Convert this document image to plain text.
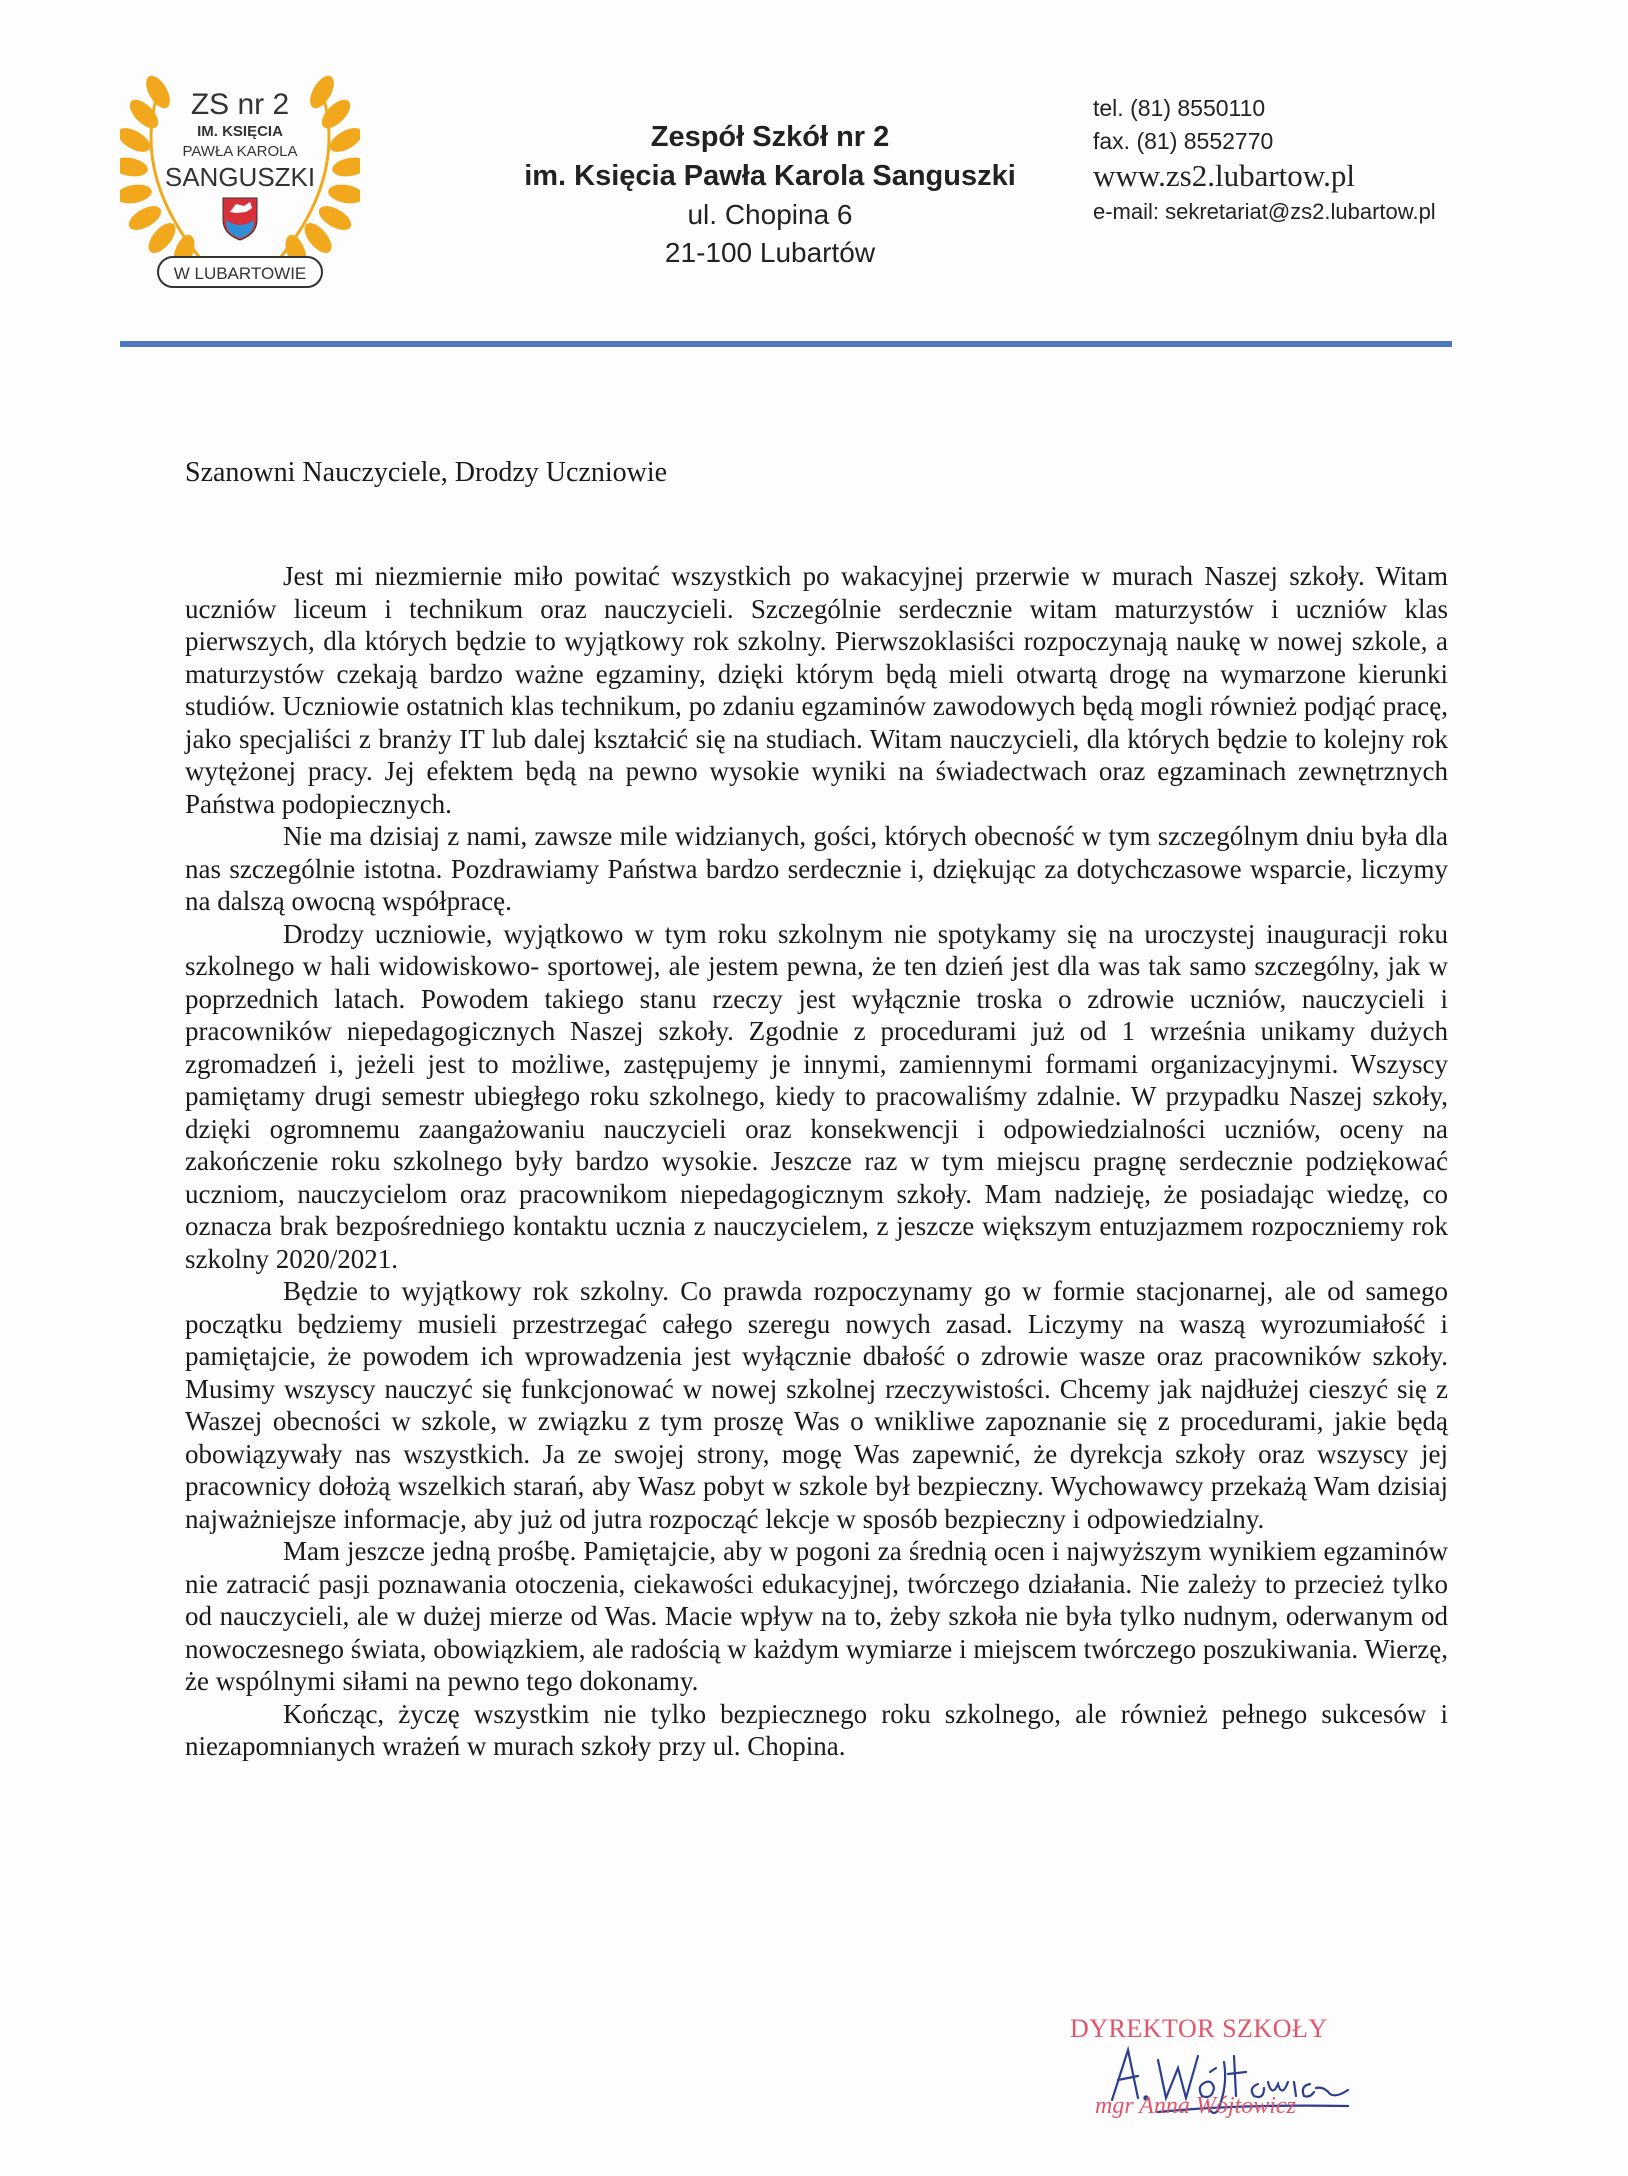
ZS nr 2
IM. KSIĘCIA
PAWŁA KAROLA
SANGUSZKI
W LUBARTOWIE
Zespół Szkół nr 2
im. Księcia Pawła Karola Sanguszki
ul. Chopina 6
21-100 Lubartów
tel. (81) 8550110
fax. (81) 8552770
www.zs2.lubartow.pl
e-mail: sekretariat@zs2.lubartow.pl
Szanowni Nauczyciele, Drodzy Uczniowie

Jest mi niezmiernie miło powitać wszystkich po wakacyjnej przerwie w murach Naszej szkoły. Witam uczniów liceum i technikum oraz nauczycieli. Szczególnie serdecznie witam maturzystów i uczniów klas pierwszych, dla których będzie to wyjątkowy rok szkolny. Pierwszoklasiści rozpoczynają naukę w nowej szkole, a maturzystów czekają bardzo ważne egzaminy, dzięki którym będą mieli otwartą drogę na wymarzone kierunki studiów. Uczniowie ostatnich klas technikum, po zdaniu egzaminów zawodowych będą mogli również podjąć pracę, jako specjaliści z branży IT lub dalej kształcić się na studiach. Witam nauczycieli, dla których będzie to kolejny rok wytężonej pracy. Jej efektem będą na pewno wysokie wyniki na świadectwach oraz egzaminach zewnętrznych Państwa podopiecznych.

Nie ma dzisiaj z nami, zawsze mile widzianych, gości, których obecność w tym szczególnym dniu była dla nas szczególnie istotna. Pozdrawiamy Państwa bardzo serdecznie i, dziękując za dotychczasowe wsparcie, liczymy na dalszą owocną współpracę.

Drodzy uczniowie, wyjątkowo w tym roku szkolnym nie spotykamy się na uroczystej inauguracji roku szkolnego w hali widowiskowo- sportowej, ale jestem pewna, że ten dzień jest dla was tak samo szczególny, jak w poprzednich latach. Powodem takiego stanu rzeczy jest wyłącznie troska o zdrowie uczniów, nauczycieli i pracowników niepedagogicznych Naszej szkoły. Zgodnie z procedurami już od 1 września unikamy dużych zgromadzeń i, jeżeli jest to możliwe, zastępujemy je innymi, zamiennymi formami organizacyjnymi. Wszyscy pamiętamy drugi semestr ubiegłego roku szkolnego, kiedy to pracowaliśmy zdalnie. W przypadku Naszej szkoły, dzięki ogromnemu zaangażowaniu nauczycieli oraz konsekwencji i odpowiedzialności uczniów, oceny na zakończenie roku szkolnego były bardzo wysokie. Jeszcze raz w tym miejscu pragnę serdecznie podziękować uczniom, nauczycielom oraz pracownikom niepedagogicznym szkoły. Mam nadzieję, że posiadając wiedzę, co oznacza brak bezpośredniego kontaktu ucznia z nauczycielem, z jeszcze większym entuzjazmem rozpoczniemy rok szkolny 2020/2021.

Będzie to wyjątkowy rok szkolny. Co prawda rozpoczynamy go w formie stacjonarnej, ale od samego początku będziemy musieli przestrzegać całego szeregu nowych zasad. Liczymy na waszą wyrozumiałość i pamiętajcie, że powodem ich wprowadzenia jest wyłącznie dbałość o zdrowie wasze oraz pracowników szkoły. Musimy wszyscy nauczyć się funkcjonować w nowej szkolnej rzeczywistości. Chcemy jak najdłużej cieszyć się z Waszej obecności w szkole, w związku z tym proszę Was o wnikliwe zapoznanie się z procedurami, jakie będą obowiązywały nas wszystkich. Ja ze swojej strony, mogę Was zapewnić, że dyrekcja szkoły oraz wszyscy jej pracownicy dołożą wszelkich starań, aby Wasz pobyt w szkole był bezpieczny. Wychowawcy przekażą Wam dzisiaj najważniejsze informacje, aby już od jutra rozpocząć lekcje w sposób bezpieczny i odpowiedzialny.

Mam jeszcze jedną prośbę. Pamiętajcie, aby w pogoni za średnią ocen i najwyższym wynikiem egzaminów nie zatracić pasji poznawania otoczenia, ciekawości edukacyjnej, twórczego działania. Nie zależy to przecież tylko od nauczycieli, ale w dużej mierze od Was. Macie wpływ na to, żeby szkoła nie była tylko nudnym, oderwanym od nowoczesnego świata, obowiązkiem, ale radością w każdym wymiarze i miejscem twórczego poszukiwania. Wierzę, że wspólnymi siłami na pewno tego dokonamy.

Kończąc, życzę wszystkim nie tylko bezpiecznego roku szkolnego, ale również pełnego sukcesów i niezapomnianych wrażeń w murach szkoły przy ul. Chopina.

DYREKTOR SZKOŁY
mgr Anna Wójtowicz
